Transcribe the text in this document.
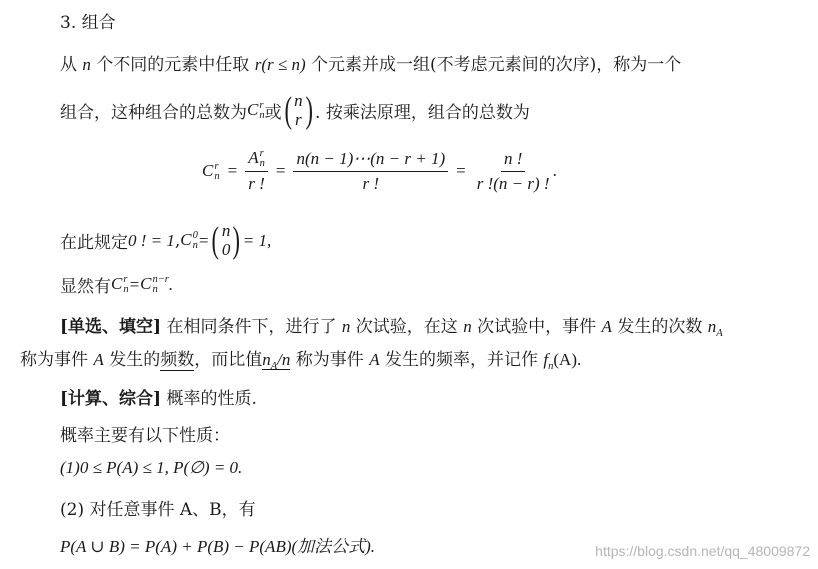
3. 组合
从 n 个不同的元素中任取 r(r ≤ n) 个元素并成一组(不考虑元素间的次序)，称为一个
组合，这种组合的总数为 C r
n 或 ( n
r ) . 按乘法原理，组合的总数为
C r
n = A r
n
r ! = $\frac{n(n - 1)\cdots(n - r + 1)}{r !} = \frac{n !}{r !(n - r) !}$ .
在此规定 0 ! = 1 , C 0
n = ( n
0 ) = 1,
显然有 C r
n = C n−r
n .
[单选、填空] 在相同条件下，进行了 n 次试验，在这 n 次试验中，事件 A 发生的次数 $n_A$
称为事件 A 发生的频数，而比值$n_A/n$ 称为事件 A 发生的频率，并记作 $f_n(A)$.
[计算、综合] 概率的性质.
概率主要有以下性质：
(1)0 ≤ P(A) ≤ 1, P(∅) = 0.
(2) 对任意事件 A、B，有
P(A ∪ B) = P(A) + P(B) − P(AB)(加法公式).	https://blog.csdn.net/qq_48009872
